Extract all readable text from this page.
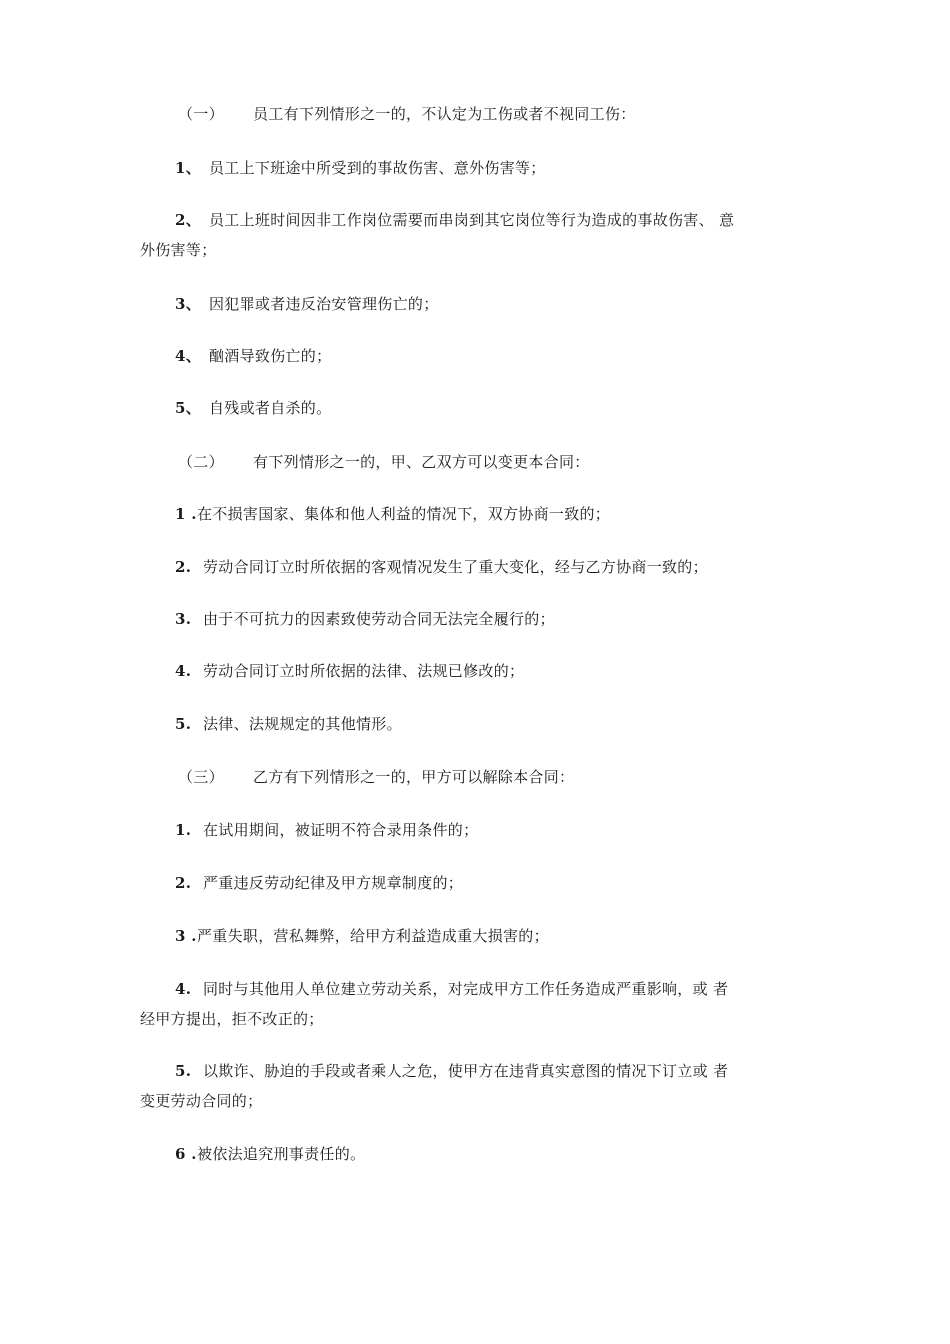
（一） 员工有下列情形之一的，不认定为工伤或者不视同工伤：
1、 员工上下班途中所受到的事故伤害、意外伤害等；
2、 员工上班时间因非工作岗位需要而串岗到其它岗位等行为造成的事故伤害、 意
外伤害等；
3、 因犯罪或者违反治安管理伤亡的；
4、 酗酒导致伤亡的；
5、 自残或者自杀的。
（二） 有下列情形之一的，甲、乙双方可以变更本合同：
1 .在不损害国家、集体和他人利益的情况下，双方协商一致的；
2. 劳动合同订立时所依据的客观情况发生了重大变化，经与乙方协商一致的；
3. 由于不可抗力的因素致使劳动合同无法完全履行的；
4. 劳动合同订立时所依据的法律、法规已修改的；
5. 法律、法规规定的其他情形。
（三） 乙方有下列情形之一的，甲方可以解除本合同：
1. 在试用期间，被证明不符合录用条件的；
2. 严重违反劳动纪律及甲方规章制度的；
3 .严重失职，营私舞弊，给甲方利益造成重大损害的；
4. 同时与其他用人单位建立劳动关系，对完成甲方工作任务造成严重影响，或 者
经甲方提出，拒不改正的；
5. 以欺诈、胁迫的手段或者乘人之危，使甲方在违背真实意图的情况下订立或 者
变更劳动合同的；
6 .被依法追究刑事责任的。
